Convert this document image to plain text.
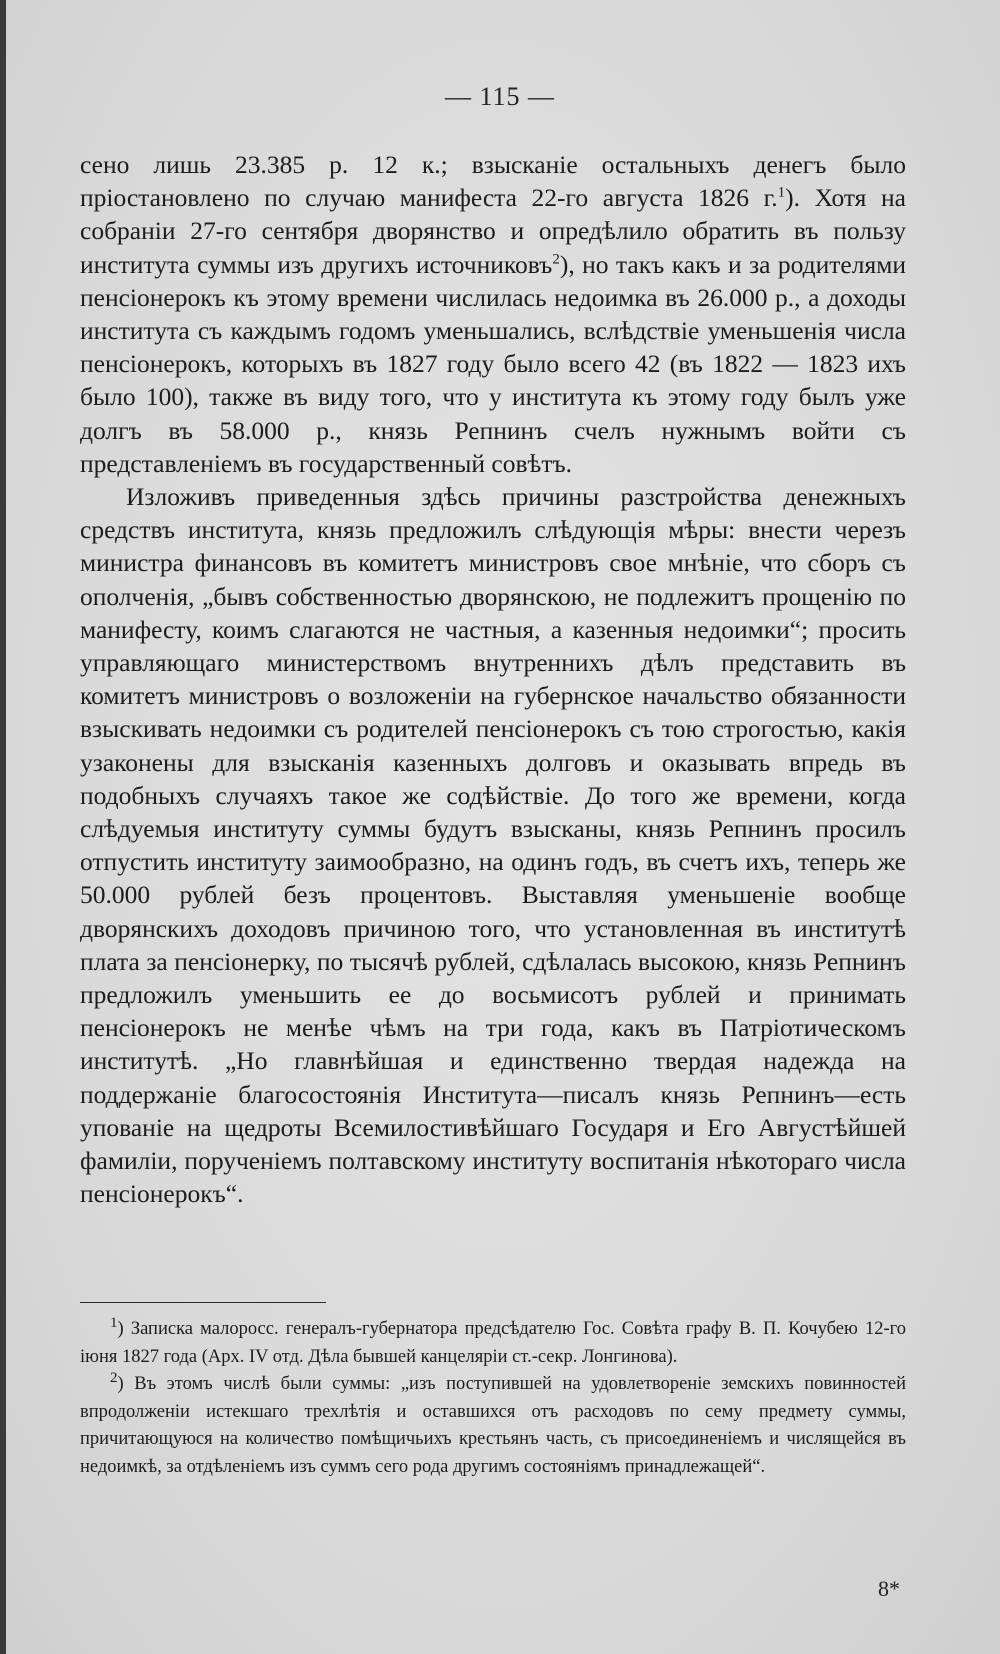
— 115 —

сено лишь 23.385 р. 12 к.; взысканіе остальныхъ денегъ было пріостановлено по случаю манифеста 22-го августа 1826 г.$^1$). Хотя на собраніи 27-го сентября дворянство и опредѣлило обратить въ пользу института суммы изъ другихъ источниковъ$^2$), но такъ какъ и за родителями пенсіонерокъ къ этому времени числилась недоимка въ 26.000 р., а доходы института съ каждымъ годомъ уменьшались, вслѣдствіе уменьшенія числа пенсіонерокъ, которыхъ въ 1827 году было всего 42 (въ 1822 — 1823 ихъ было 100), также въ виду того, что у института къ этому году былъ уже долгъ въ 58.000 р., князь Репнинъ счелъ нужнымъ войти съ представленіемъ въ государственный совѣтъ.

Изложивъ приведенныя здѣсь причины разстройства денежныхъ средствъ института, князь предложилъ слѣдующія мѣры: внести черезъ министра финансовъ въ комитетъ министровъ свое мнѣніе, что сборъ съ ополченія, „бывъ собственностью дворянскою, не подлежитъ прощенію по манифесту, коимъ слагаются не частныя, а казенныя недоимки“; просить управляющаго министерствомъ внутреннихъ дѣлъ представить въ комитетъ министровъ о возложеніи на губернское начальство обязанности взыскивать недоимки съ родителей пенсіонерокъ съ тою строгостью, какія узаконены для взысканія казенныхъ долговъ и оказывать впредь въ подобныхъ случаяхъ такое же содѣйствіе. До того же времени, когда слѣдуемыя институту суммы будутъ взысканы, князь Репнинъ просилъ отпустить институту заимообразно, на одинъ годъ, въ счетъ ихъ, теперь же 50.000 рублей безъ процентовъ. Выставляя уменьшеніе вообще дворянскихъ доходовъ причиною того, что установленная въ институтѣ плата за пенсіонерку, по тысячѣ рублей, сдѣлалась высокою, князь Репнинъ предложилъ уменьшить ее до восьмисотъ рублей и принимать пенсіонерокъ не менѣе чѣмъ на три года, какъ въ Патріотическомъ институтѣ. „Но главнѣйшая и единственно твердая надежда на поддержаніе благосостоянія Института—писалъ князь Репнинъ—есть упованіе на щедроты Всемилостивѣйшаго Государя и Его Августѣйшей фамиліи, порученіемъ полтавскому институту воспитанія нѣкотораго числа пенсіонерокъ“.

$^1$) Записка малоросс. генералъ-губернатора предсѣдателю Гос. Совѣта графу В. П. Кочубею 12-го іюня 1827 года (Арх. IV отд. Дѣла бывшей канцеляріи ст.-секр. Лонгинова).

$^2$) Въ этомъ числѣ были суммы: „изъ поступившей на удовлетвореніе земскихъ повинностей впродолженіи истекшаго трехлѣтія и оставшихся отъ расходовъ по сему предмету суммы, причитающуюся на количество помѣщичьихъ крестьянъ часть, съ присоединеніемъ и числящейся въ недоимкѣ, за отдѣленіемъ изъ суммъ сего рода другимъ состояніямъ принадлежащей“.

8*
